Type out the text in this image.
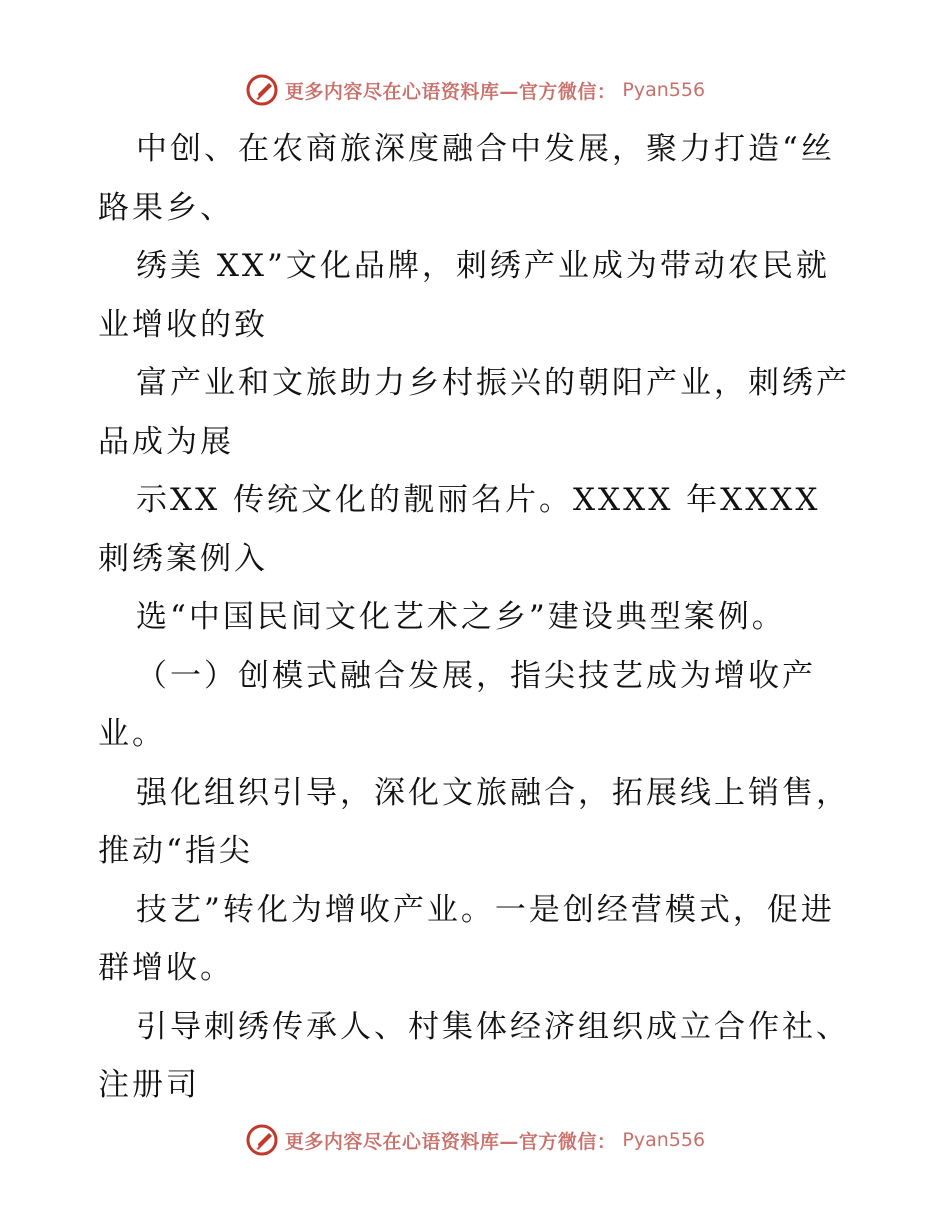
更多内容尽在心语资料库—官方微信： Pyan556

中创、在农商旅深度融合中发展，聚力打造“丝路果乡、

绣美 XX”文化品牌，刺绣产业成为带动农民就业增收的致

富产业和文旅助力乡村振兴的朝阳产业，刺绣产品成为展

示XX 传统文化的靓丽名片。XXXX 年XXXX 刺绣案例入

选“中国民间文化艺术之乡”建设典型案例。

（一）创模式融合发展，指尖技艺成为增收产业。

强化组织引导，深化文旅融合，拓展线上销售，推动“指尖

技艺”转化为增收产业。一是创经营模式，促进群增收。

引导刺绣传承人、村集体经济组织成立合作社、注册司

更多内容尽在心语资料库—官方微信： Pyan556
